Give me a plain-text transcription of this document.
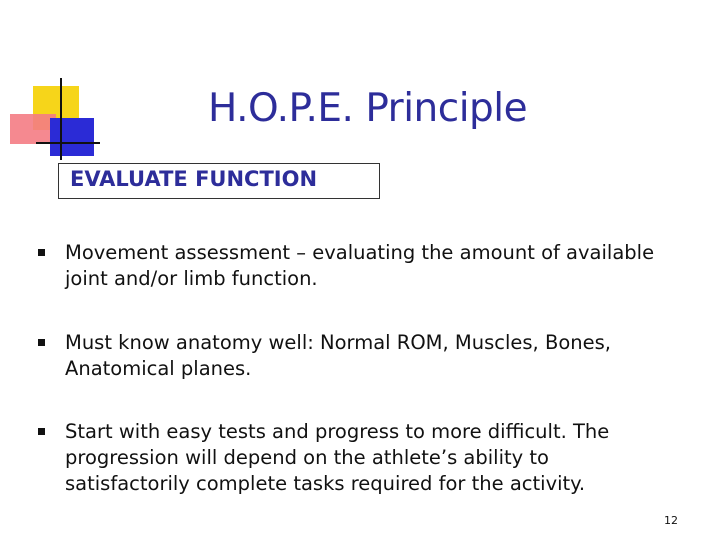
H.O.P.E. Principle
EVALUATE FUNCTION
Movement assessment – evaluating the amount of available joint and/or limb function.
Must know anatomy well: Normal ROM, Muscles, Bones, Anatomical planes.
Start with easy tests and progress to more difficult. The progression will depend on the athlete’s ability to satisfactorily complete tasks required for the activity.
12
